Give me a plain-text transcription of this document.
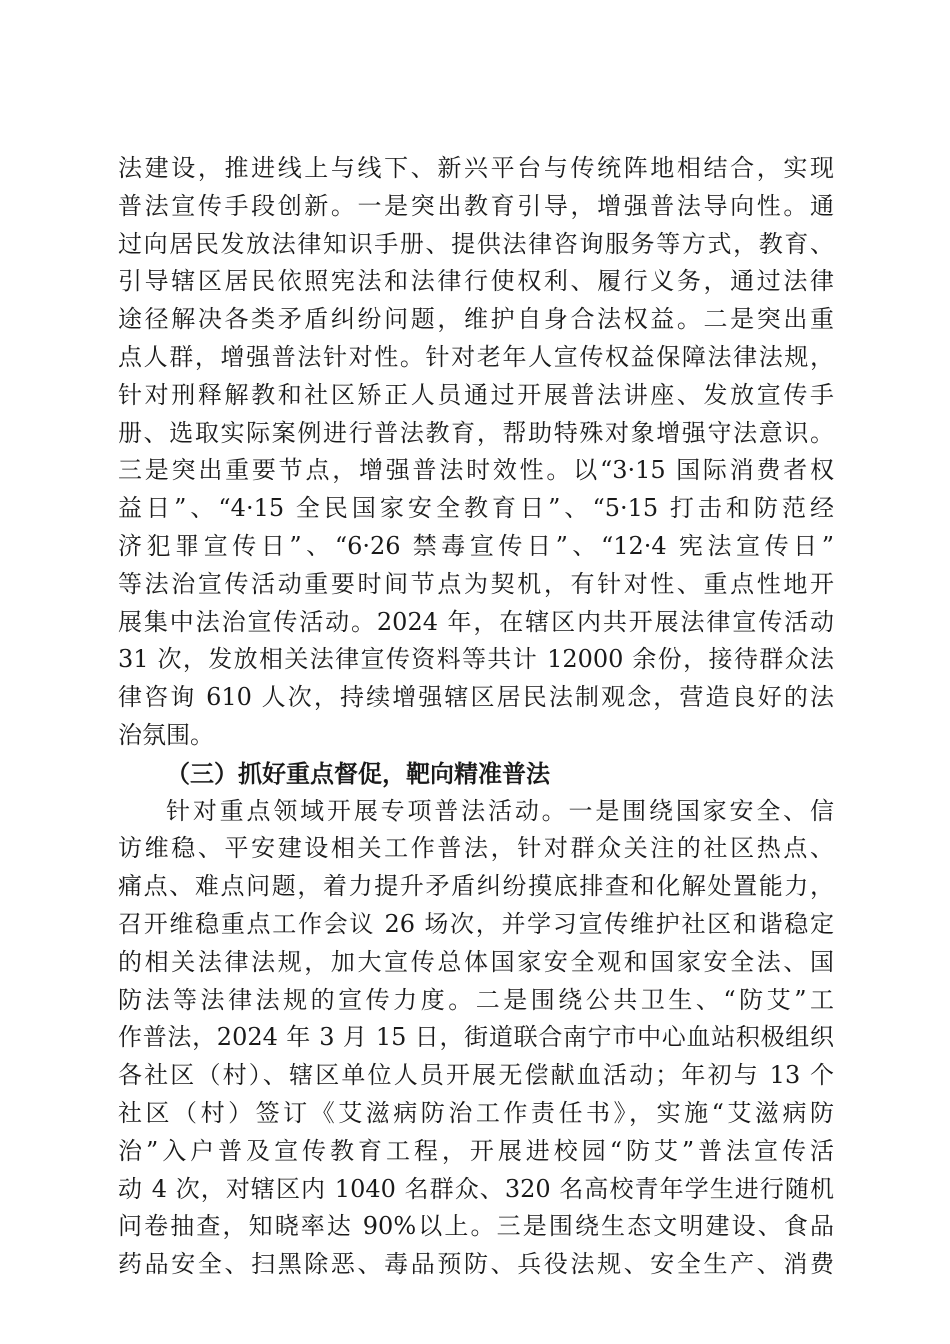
法建设，推进线上与线下、新兴平台与传统阵地相结合，实现
普法宣传手段创新。一是突出教育引导，增强普法导向性。通
过向居民发放法律知识手册、提供法律咨询服务等方式，教育、
引导辖区居民依照宪法和法律行使权利、履行义务，通过法律
途径解决各类矛盾纠纷问题，维护自身合法权益。二是突出重
点人群，增强普法针对性。针对老年人宣传权益保障法律法规，
针对刑释解教和社区矫正人员通过开展普法讲座、发放宣传手
册、选取实际案例进行普法教育，帮助特殊对象增强守法意识。
三是突出重要节点，增强普法时效性。以“3·15 国际消费者权
益日”、“4·15 全民国家安全教育日”、“5·15 打击和防范经
济犯罪宣传日”、“6·26 禁毒宣传日”、“12·4 宪法宣传日”
等法治宣传活动重要时间节点为契机，有针对性、重点性地开
展集中法治宣传活动。2024 年，在辖区内共开展法律宣传活动
31 次，发放相关法律宣传资料等共计 12000 余份，接待群众法
律咨询 610 人次，持续增强辖区居民法制观念，营造良好的法
治氛围。
（三）抓好重点督促，靶向精准普法
针对重点领域开展专项普法活动。一是围绕国家安全、信
访维稳、平安建设相关工作普法，针对群众关注的社区热点、
痛点、难点问题，着力提升矛盾纠纷摸底排查和化解处置能力，
召开维稳重点工作会议 26 场次，并学习宣传维护社区和谐稳定
的相关法律法规，加大宣传总体国家安全观和国家安全法、国
防法等法律法规的宣传力度。二是围绕公共卫生、“防艾”工
作普法，2024 年 3 月 15 日，街道联合南宁市中心血站积极组织
各社区（村）、辖区单位人员开展无偿献血活动；年初与 13 个
社区（村）签订《艾滋病防治工作责任书》，实施“艾滋病防
治”入户普及宣传教育工程，开展进校园“防艾”普法宣传活
动 4 次，对辖区内 1040 名群众、320 名高校青年学生进行随机
问卷抽查，知晓率达 90%以上。三是围绕生态文明建设、食品
药品安全、扫黑除恶、毒品预防、兵役法规、安全生产、消费
